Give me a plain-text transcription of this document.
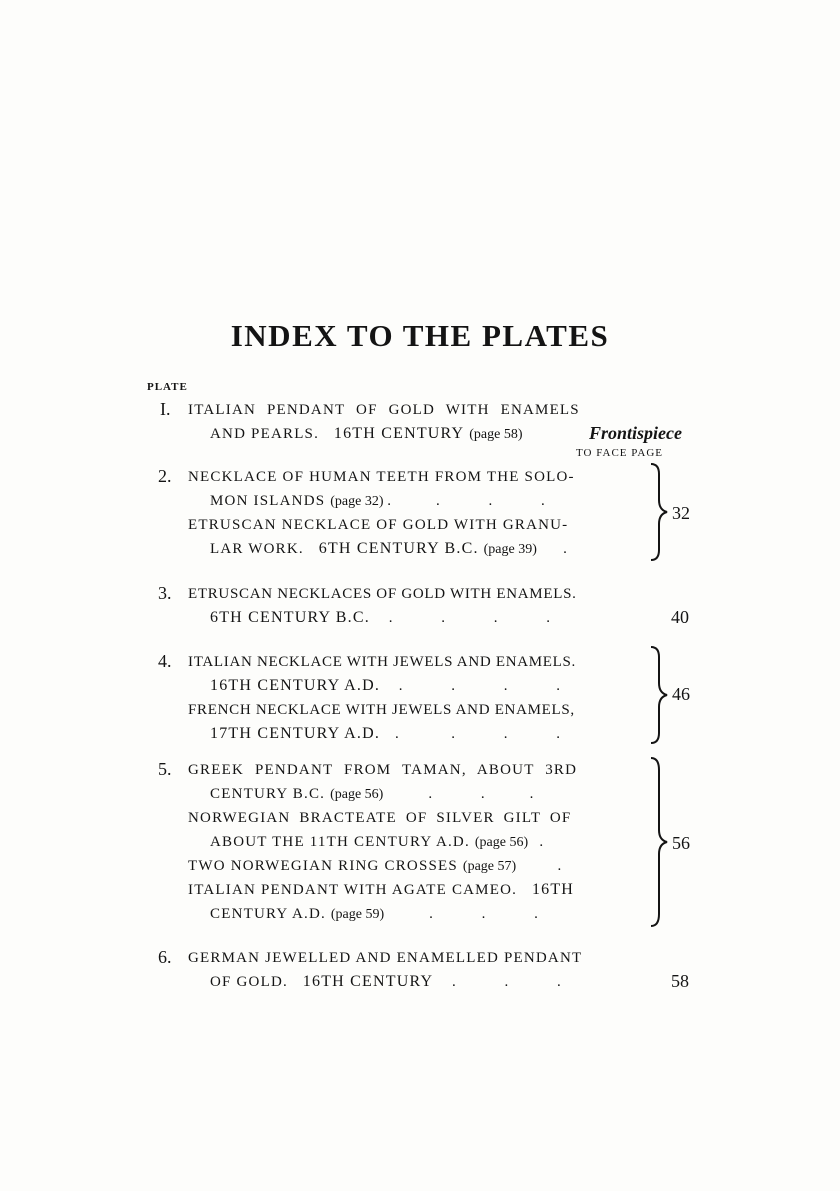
INDEX TO THE PLATES
PLATE
I. ITALIAN PENDANT OF GOLD WITH ENAMELS
AND PEARLS. 16TH CENTURY (page 58)	Frontispiece
TO FACE PAGE
2. NECKLACE OF HUMAN TEETH FROM THE SOLO-
MON ISLANDS (page 32) .            .             .             .
ETRUSCAN NECKLACE OF GOLD WITH GRANU-
LAR WORK. 6TH CENTURY B.C. (page 39)       .
32
3. ETRUSCAN NECKLACES OF GOLD WITH ENAMELS.
6TH CENTURY B.C.     .             .             .             .	40
4. ITALIAN NECKLACE WITH JEWELS AND ENAMELS.
16TH CENTURY A.D.     .             .             .             .
FRENCH NECKLACE WITH JEWELS AND ENAMELS,
17TH CENTURY A.D.    .              .             .             .
46
5. GREEK PENDANT FROM TAMAN, ABOUT 3RD
CENTURY B.C. (page 56)            .             .            .
NORWEGIAN BRACTEATE OF SILVER GILT OF
ABOUT THE 11TH CENTURY A.D. (page 56)   .
TWO NORWEGIAN RING CROSSES (page 57)           .
ITALIAN PENDANT WITH AGATE CAMEO. 16TH
CENTURY A.D. (page 59)            .             .             .
56
6. GERMAN JEWELLED AND ENAMELLED PENDANT
OF GOLD. 16TH CENTURY     .             .             .	58
